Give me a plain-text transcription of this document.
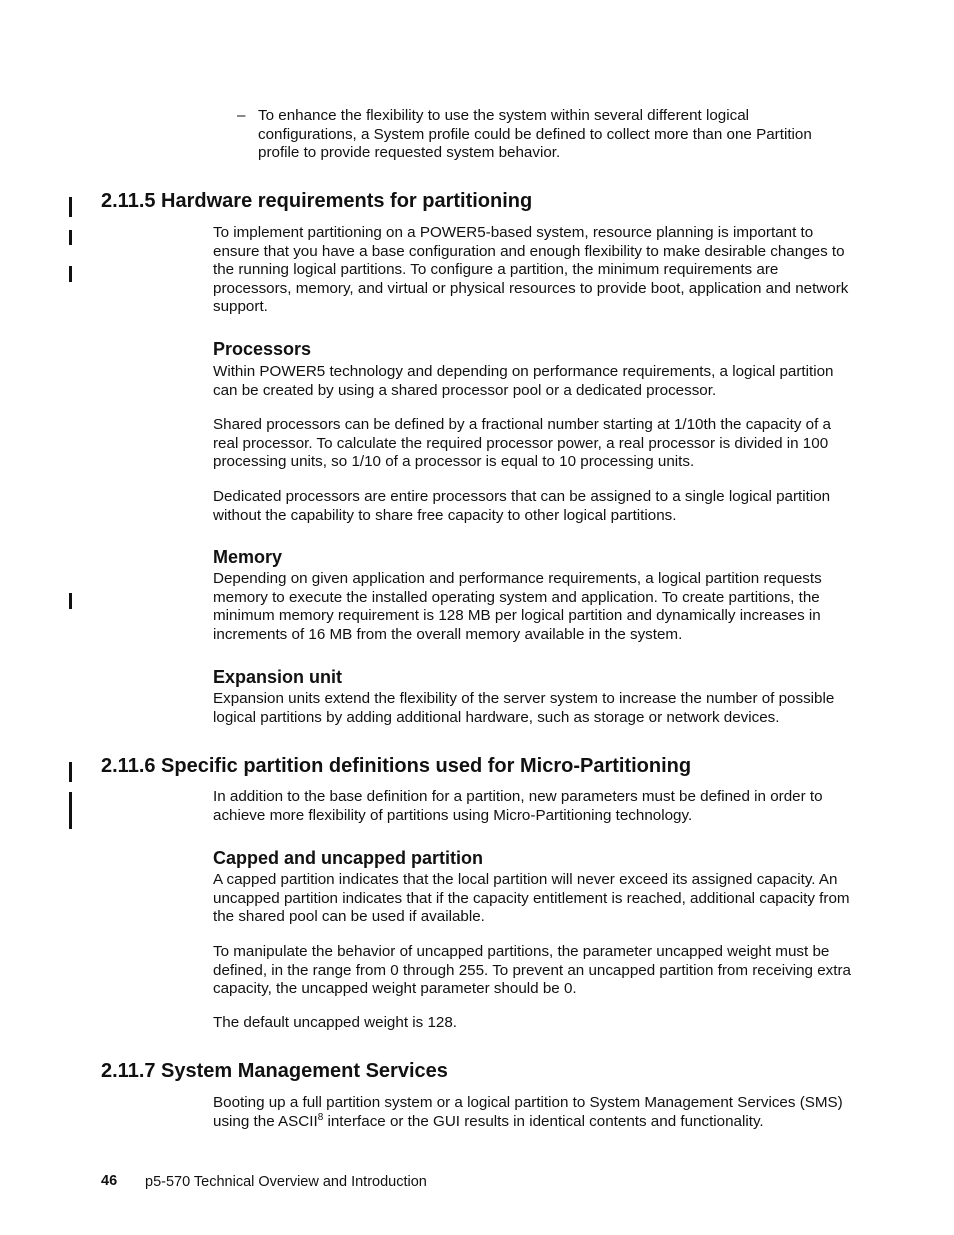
– To enhance the flexibility to use the system within several different logical configurations, a System profile could be defined to collect more than one Partition profile to provide requested system behavior.
2.11.5 Hardware requirements for partitioning

To implement partitioning on a POWER5-based system, resource planning is important to ensure that you have a base configuration and enough flexibility to make desirable changes to the running logical partitions. To configure a partition, the minimum requirements are processors, memory, and virtual or physical resources to provide boot, application and network support.

Processors

Within POWER5 technology and depending on performance requirements, a logical partition can be created by using a shared processor pool or a dedicated processor.

Shared processors can be defined by a fractional number starting at 1/10th the capacity of a real processor. To calculate the required processor power, a real processor is divided in 100 processing units, so 1/10 of a processor is equal to 10 processing units.

Dedicated processors are entire processors that can be assigned to a single logical partition without the capability to share free capacity to other logical partitions.

Memory

Depending on given application and performance requirements, a logical partition requests memory to execute the installed operating system and application. To create partitions, the minimum memory requirement is 128 MB per logical partition and dynamically increases in increments of 16 MB from the overall memory available in the system.

Expansion unit

Expansion units extend the flexibility of the server system to increase the number of possible logical partitions by adding additional hardware, such as storage or network devices.

2.11.6 Specific partition definitions used for Micro-Partitioning

In addition to the base definition for a partition, new parameters must be defined in order to achieve more flexibility of partitions using Micro-Partitioning technology.

Capped and uncapped partition

A capped partition indicates that the local partition will never exceed its assigned capacity. An uncapped partition indicates that if the capacity entitlement is reached, additional capacity from the shared pool can be used if available.

To manipulate the behavior of uncapped partitions, the parameter uncapped weight must be defined, in the range from 0 through 255. To prevent an uncapped partition from receiving extra capacity, the uncapped weight parameter should be 0.

The default uncapped weight is 128.

2.11.7 System Management Services

Booting up a full partition system or a logical partition to System Management Services (SMS) using the ASCII$^8$ interface or the GUI results in identical contents and functionality.

46 p5-570 Technical Overview and Introduction
